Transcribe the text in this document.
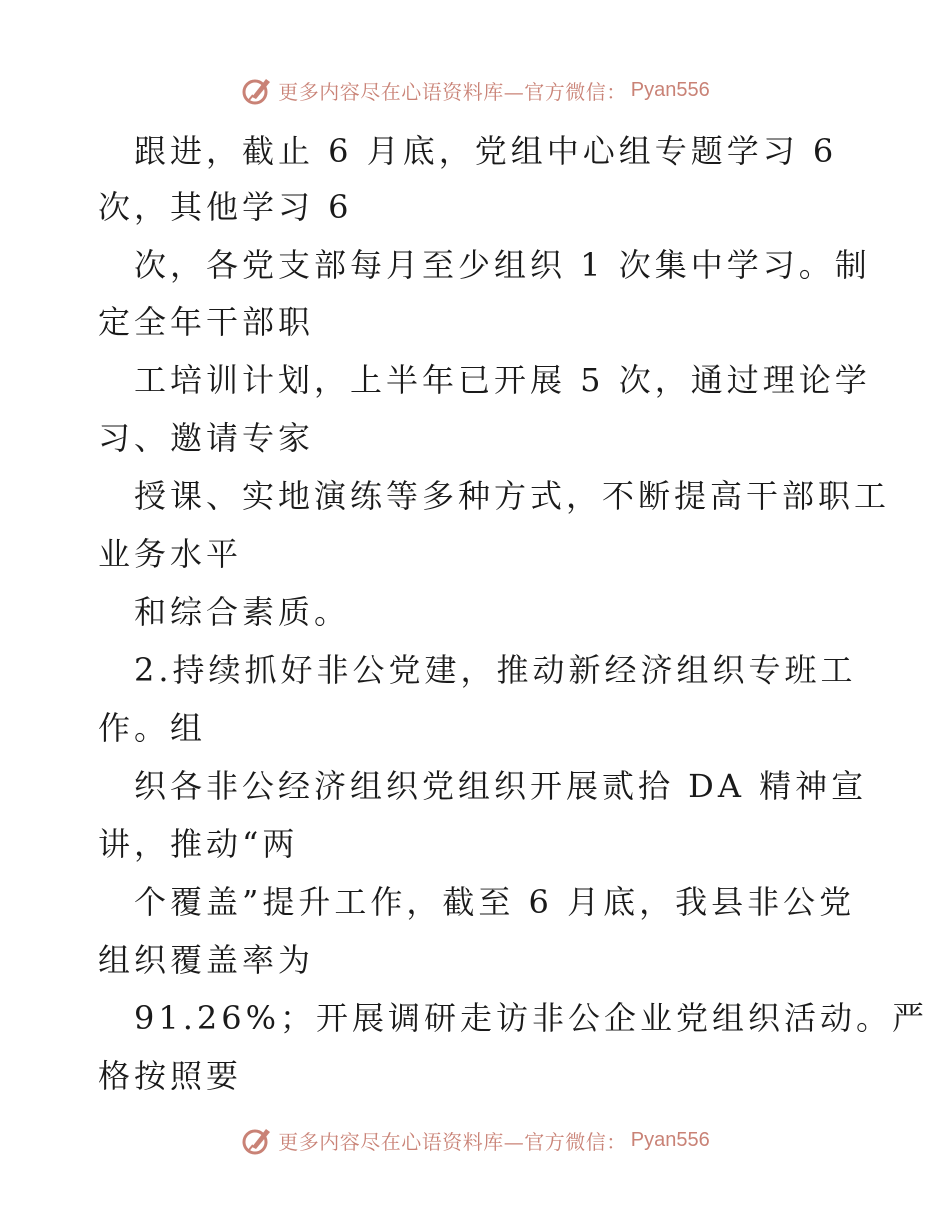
更多内容尽在心语资料库—官方微信： Pyan556
跟进，截止 6 月底，党组中心组专题学习 6
次，其他学习 6
次，各党支部每月至少组织 1 次集中学习。制
定全年干部职
工培训计划，上半年已开展 5 次，通过理论学
习、邀请专家
授课、实地演练等多种方式，不断提高干部职工
业务水平
和综合素质。
2.持续抓好非公党建，推动新经济组织专班工
作。组
织各非公经济组织党组织开展贰拾 DA 精神宣
讲，推动“两
个覆盖”提升工作，截至 6 月底，我县非公党
组织覆盖率为
91.26%；开展调研走访非公企业党组织活动。严
格按照要
更多内容尽在心语资料库—官方微信： Pyan556
